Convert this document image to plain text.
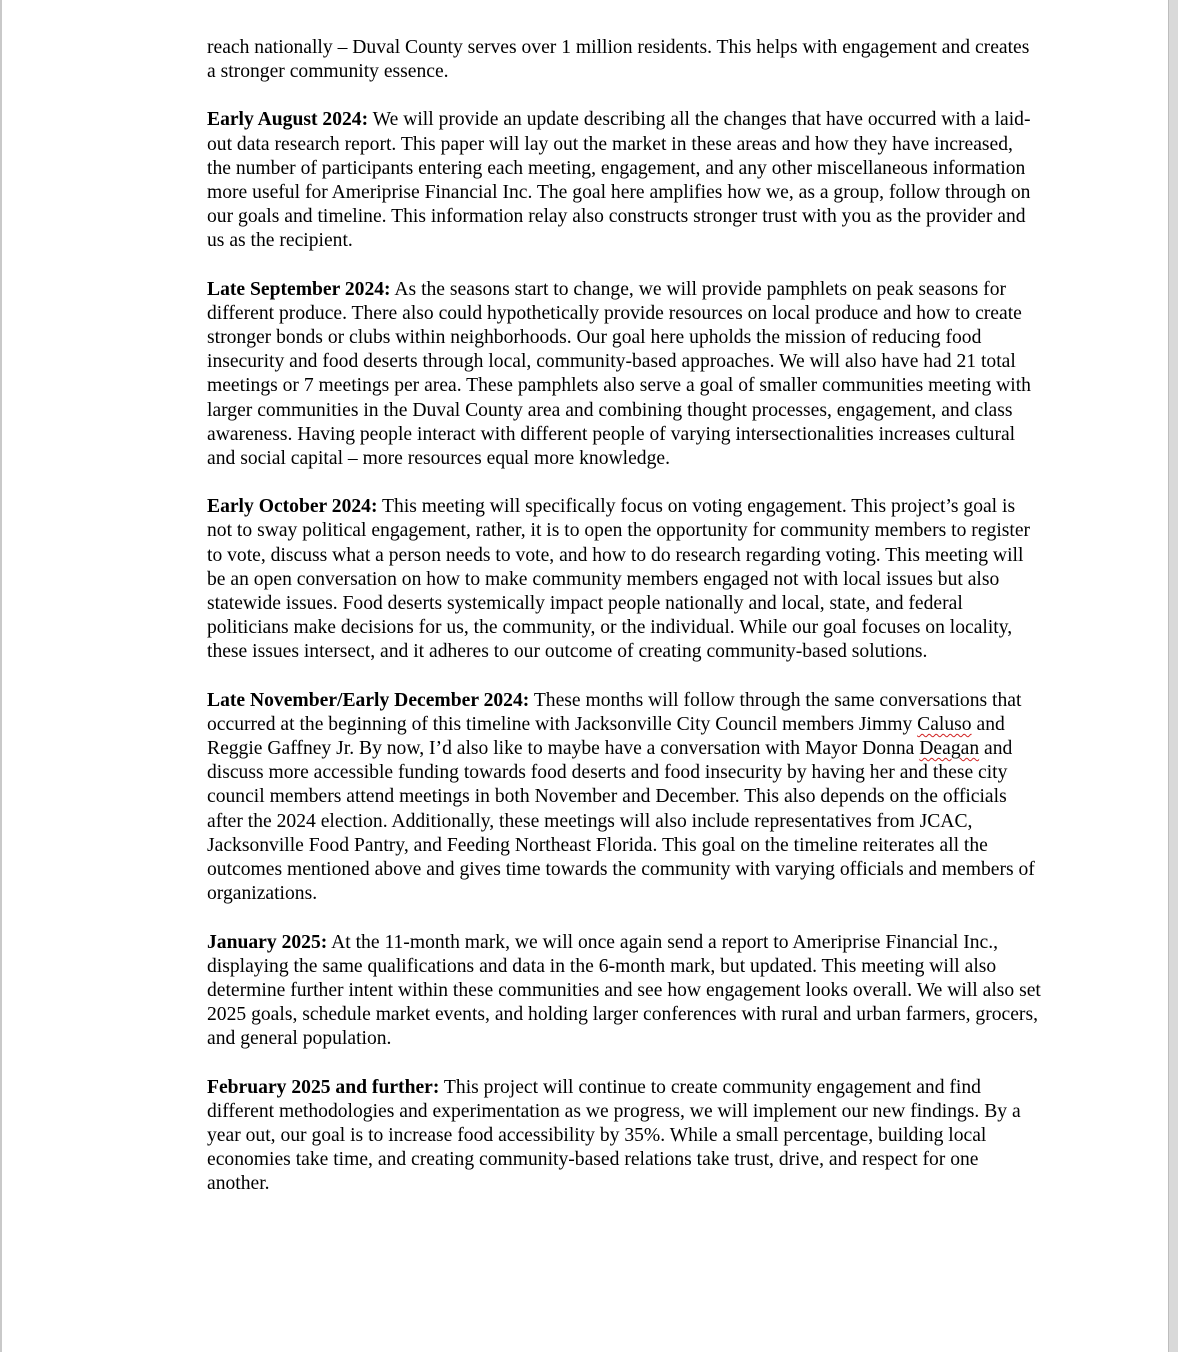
reach nationally – Duval County serves over 1 million residents. This helps with engagement and creates a stronger community essence.

Early August 2024: We will provide an update describing all the changes that have occurred with a laid-out data research report. This paper will lay out the market in these areas and how they have increased, the number of participants entering each meeting, engagement, and any other miscellaneous information more useful for Ameriprise Financial Inc. The goal here amplifies how we, as a group, follow through on our goals and timeline. This information relay also constructs stronger trust with you as the provider and us as the recipient.

Late September 2024: As the seasons start to change, we will provide pamphlets on peak seasons for different produce. There also could hypothetically provide resources on local produce and how to create stronger bonds or clubs within neighborhoods. Our goal here upholds the mission of reducing food insecurity and food deserts through local, community-based approaches. We will also have had 21 total meetings or 7 meetings per area. These pamphlets also serve a goal of smaller communities meeting with larger communities in the Duval County area and combining thought processes, engagement, and class awareness. Having people interact with different people of varying intersectionalities increases cultural and social capital – more resources equal more knowledge.

Early October 2024: This meeting will specifically focus on voting engagement. This project’s goal is not to sway political engagement, rather, it is to open the opportunity for community members to register to vote, discuss what a person needs to vote, and how to do research regarding voting. This meeting will be an open conversation on how to make community members engaged not with local issues but also statewide issues. Food deserts systemically impact people nationally and local, state, and federal politicians make decisions for us, the community, or the individual. While our goal focuses on locality, these issues intersect, and it adheres to our outcome of creating community-based solutions.

Late November/Early December 2024: These months will follow through the same conversations that occurred at the beginning of this timeline with Jacksonville City Council members Jimmy Caluso and Reggie Gaffney Jr. By now, I’d also like to maybe have a conversation with Mayor Donna Deagan and discuss more accessible funding towards food deserts and food insecurity by having her and these city council members attend meetings in both November and December. This also depends on the officials after the 2024 election. Additionally, these meetings will also include representatives from JCAC, Jacksonville Food Pantry, and Feeding Northeast Florida. This goal on the timeline reiterates all the outcomes mentioned above and gives time towards the community with varying officials and members of organizations.

January 2025: At the 11-month mark, we will once again send a report to Ameriprise Financial Inc., displaying the same qualifications and data in the 6-month mark, but updated. This meeting will also determine further intent within these communities and see how engagement looks overall. We will also set 2025 goals, schedule market events, and holding larger conferences with rural and urban farmers, grocers, and general population.

February 2025 and further: This project will continue to create community engagement and find different methodologies and experimentation as we progress, we will implement our new findings. By a year out, our goal is to increase food accessibility by 35%. While a small percentage, building local economies take time, and creating community-based relations take trust, drive, and respect for one another.
